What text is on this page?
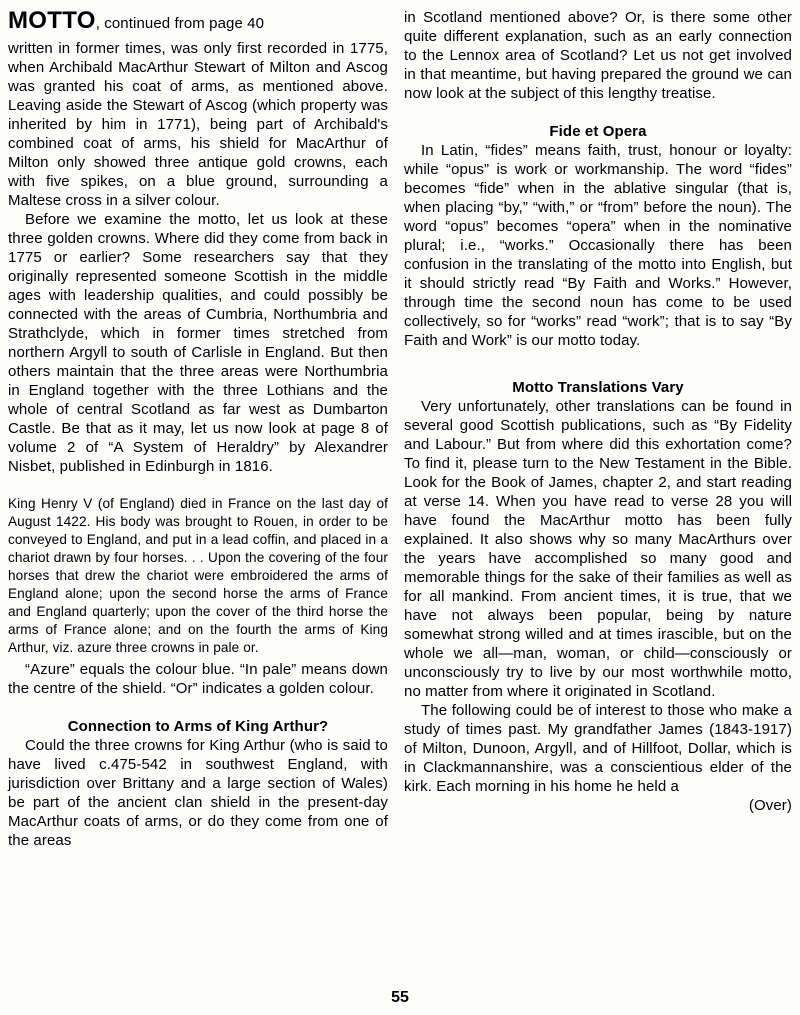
MOTTO, continued from page 40

written in former times, was only first recorded in 1775, when Archibald MacArthur Stewart of Milton and Ascog was granted his coat of arms, as mentioned above. Leaving aside the Stewart of Ascog (which property was inherited by him in 1771), being part of Archibald's combined coat of arms, his shield for MacArthur of Milton only showed three antique gold crowns, each with five spikes, on a blue ground, surrounding a Maltese cross in a silver colour.

Before we examine the motto, let us look at these three golden crowns. Where did they come from back in 1775 or earlier? Some researchers say that they originally represented someone Scottish in the middle ages with leadership qualities, and could possibly be connected with the areas of Cumbria, Northumbria and Strathclyde, which in former times stretched from northern Argyll to south of Carlisle in England. But then others maintain that the three areas were Northumbria in England together with the three Lothians and the whole of central Scotland as far west as Dumbarton Castle. Be that as it may, let us now look at page 8 of volume 2 of “A System of Heraldry” by Alexandrer Nisbet, published in Edinburgh in 1816.

King Henry V (of England) died in France on the last day of August 1422. His body was brought to Rouen, in order to be conveyed to England, and put in a lead coffin, and placed in a chariot drawn by four horses. . . Upon the covering of the four horses that drew the chariot were embroidered the arms of England alone; upon the second horse the arms of France and England quarterly; upon the cover of the third horse the arms of France alone; and on the fourth the arms of King Arthur, viz. azure three crowns in pale or.

“Azure” equals the colour blue. “In pale” means down the centre of the shield. “Or” indicates a golden colour.

Connection to Arms of King Arthur?

Could the three crowns for King Arthur (who is said to have lived c.475-542 in southwest England, with jurisdiction over Brittany and a large section of Wales) be part of the ancient clan shield in the present-day MacArthur coats of arms, or do they come from one of the areas

in Scotland mentioned above? Or, is there some other quite different explanation, such as an early connection to the Lennox area of Scotland? Let us not get involved in that meantime, but having prepared the ground we can now look at the subject of this lengthy treatise.

Fide et Opera

In Latin, “fides” means faith, trust, honour or loyalty: while “opus” is work or workmanship. The word “fides” becomes “fide” when in the ablative singular (that is, when placing “by,” “with,” or “from” before the noun). The word “opus” becomes “opera” when in the nominative plural; i.e., “works.” Occasionally there has been confusion in the translating of the motto into English, but it should strictly read “By Faith and Works.” However, through time the second noun has come to be used collectively, so for “works” read “work”; that is to say “By Faith and Work” is our motto today.

Motto Translations Vary

Very unfortunately, other translations can be found in several good Scottish publications, such as “By Fidelity and Labour.” But from where did this exhortation come? To find it, please turn to the New Testament in the Bible. Look for the Book of James, chapter 2, and start reading at verse 14. When you have read to verse 28 you will have found the MacArthur motto has been fully explained. It also shows why so many MacArthurs over the years have accomplished so many good and memorable things for the sake of their families as well as for all mankind. From ancient times, it is true, that we have not always been popular, being by nature somewhat strong willed and at times irascible, but on the whole we all—man, woman, or child—consciously or unconsciously try to live by our most worthwhile motto, no matter from where it originated in Scotland.

The following could be of interest to those who make a study of times past. My grandfather James (1843-1917) of Milton, Dunoon, Argyll, and of Hillfoot, Dollar, which is in Clackmannanshire, was a conscientious elder of the kirk. Each morning in his home he held a

(Over)

55
